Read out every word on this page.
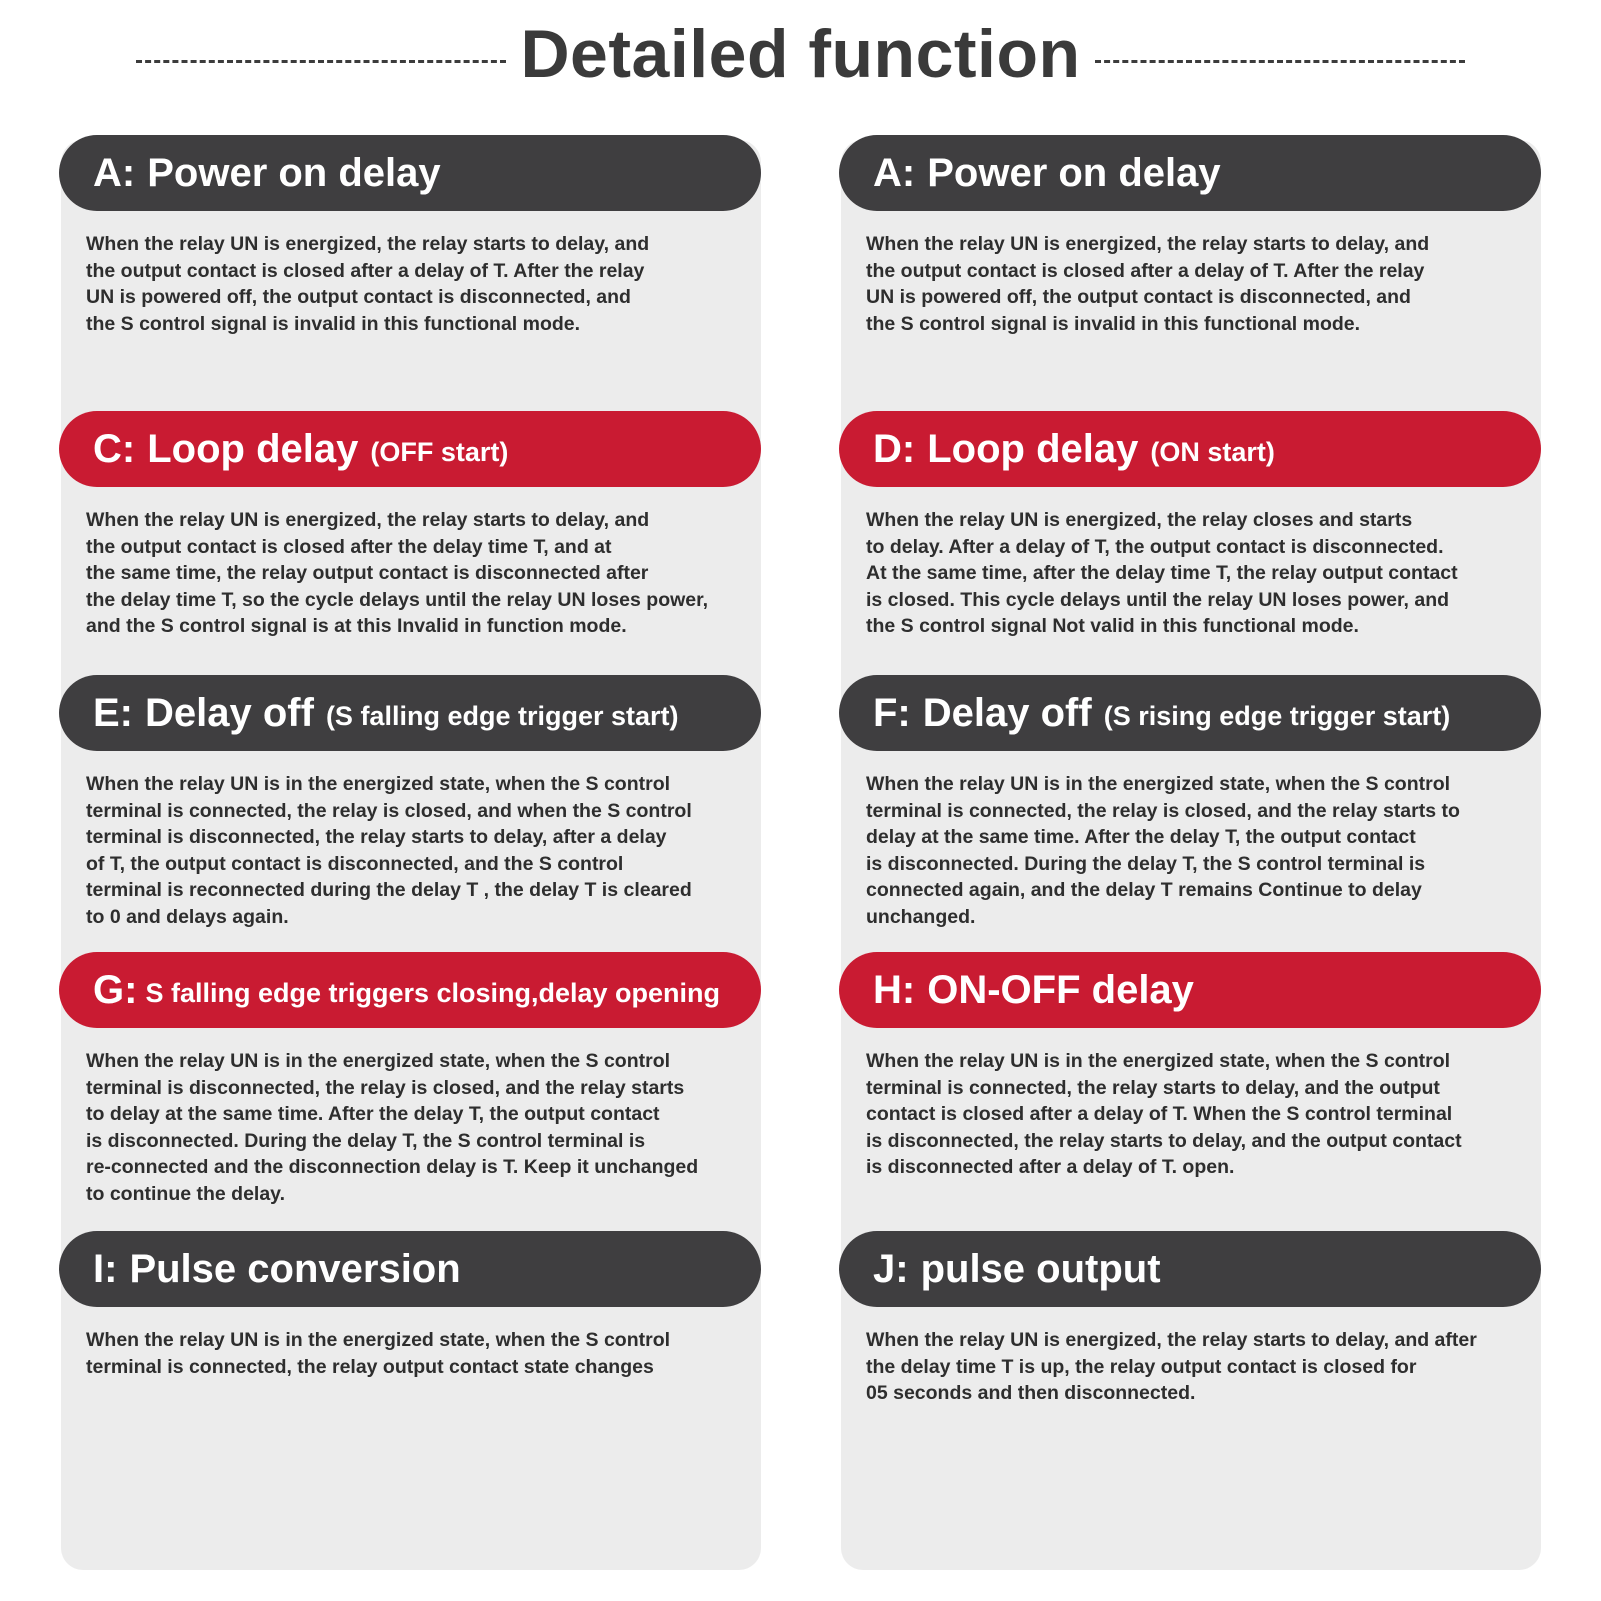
Detailed function
A: Power on delay
When the relay UN is energized, the relay starts to delay, and
the output contact is closed after a delay of T. After the relay
UN is powered off, the output contact is disconnected, and
the S control signal is invalid in this functional mode.
C: Loop delay (OFF start)
When the relay UN is energized, the relay starts to delay, and
the output contact is closed after the delay time T, and at
the same time, the relay output contact is disconnected after
the delay time T, so the cycle delays until the relay UN loses power,
and the S control signal is at this Invalid in function mode.
E: Delay off (S falling edge trigger start)
When the relay UN is in the energized state, when the S control
terminal is connected, the relay is closed, and when the S control
terminal is disconnected, the relay starts to delay, after a delay
of T, the output contact is disconnected, and the S control
terminal is reconnected during the delay T , the delay T is cleared
to 0 and delays again.
G: S falling edge triggers closing,delay opening
When the relay UN is in the energized state, when the S control
terminal is disconnected, the relay is closed, and the relay starts
to delay at the same time. After the delay T, the output contact
is disconnected. During the delay T, the S control terminal is
re-connected and the disconnection delay is T. Keep it unchanged
to continue the delay.
I: Pulse conversion
When the relay UN is in the energized state, when the S control
terminal is connected, the relay output contact state changes
A: Power on delay
When the relay UN is energized, the relay starts to delay, and
the output contact is closed after a delay of T. After the relay
UN is powered off, the output contact is disconnected, and
the S control signal is invalid in this functional mode.
D: Loop delay (ON start)
When the relay UN is energized, the relay closes and starts
to delay. After a delay of T, the output contact is disconnected.
At the same time, after the delay time T, the relay output contact
is closed. This cycle delays until the relay UN loses power, and
the S control signal Not valid in this functional mode.
F: Delay off (S rising edge trigger start)
When the relay UN is in the energized state, when the S control
terminal is connected, the relay is closed, and the relay starts to
delay at the same time. After the delay T, the output contact
is disconnected. During the delay T, the S control terminal is
connected again, and the delay T remains Continue to delay
unchanged.
H: ON-OFF delay
When the relay UN is in the energized state, when the S control
terminal is connected, the relay starts to delay, and the output
contact is closed after a delay of T. When the S control terminal
is disconnected, the relay starts to delay, and the output contact
is disconnected after a delay of T. open.
J: pulse output
When the relay UN is energized, the relay starts to delay, and after
the delay time T is up, the relay output contact is closed for
05 seconds and then disconnected.
